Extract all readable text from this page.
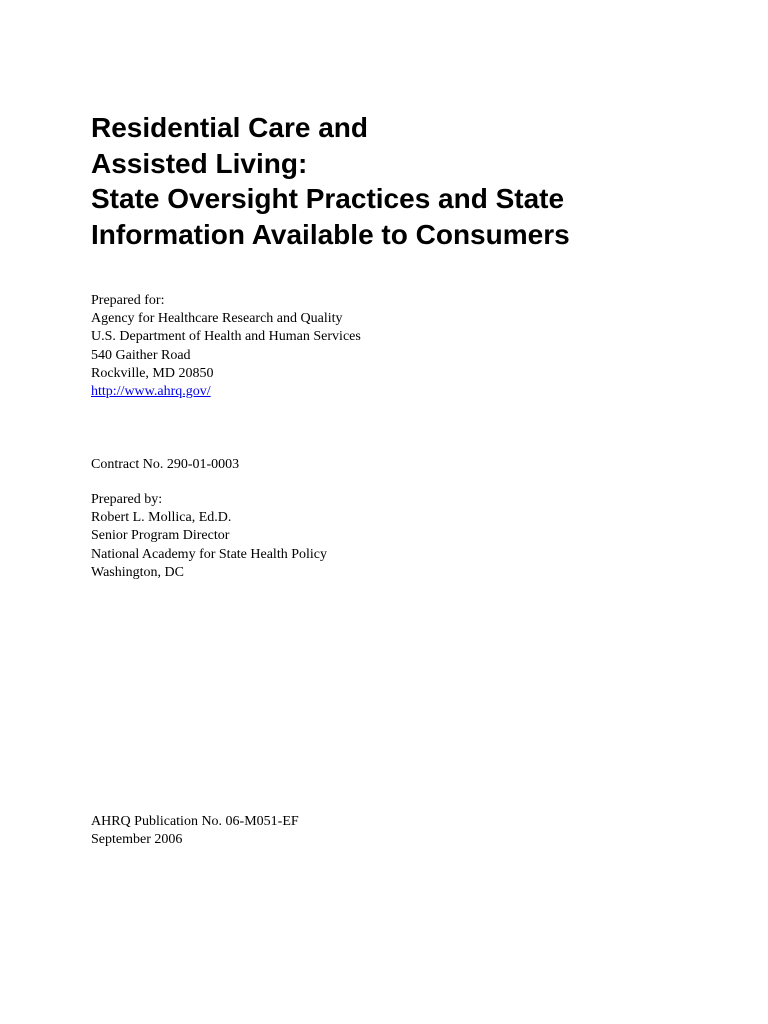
Residential Care and
Assisted Living:
State Oversight Practices and State
Information Available to Consumers
Prepared for:
Agency for Healthcare Research and Quality
U.S. Department of Health and Human Services
540 Gaither Road
Rockville, MD 20850
http://www.ahrq.gov/
Contract No. 290-01-0003
Prepared by:
Robert L. Mollica, Ed.D.
Senior Program Director
National Academy for State Health Policy
Washington, DC
AHRQ Publication No. 06-M051-EF
September 2006
